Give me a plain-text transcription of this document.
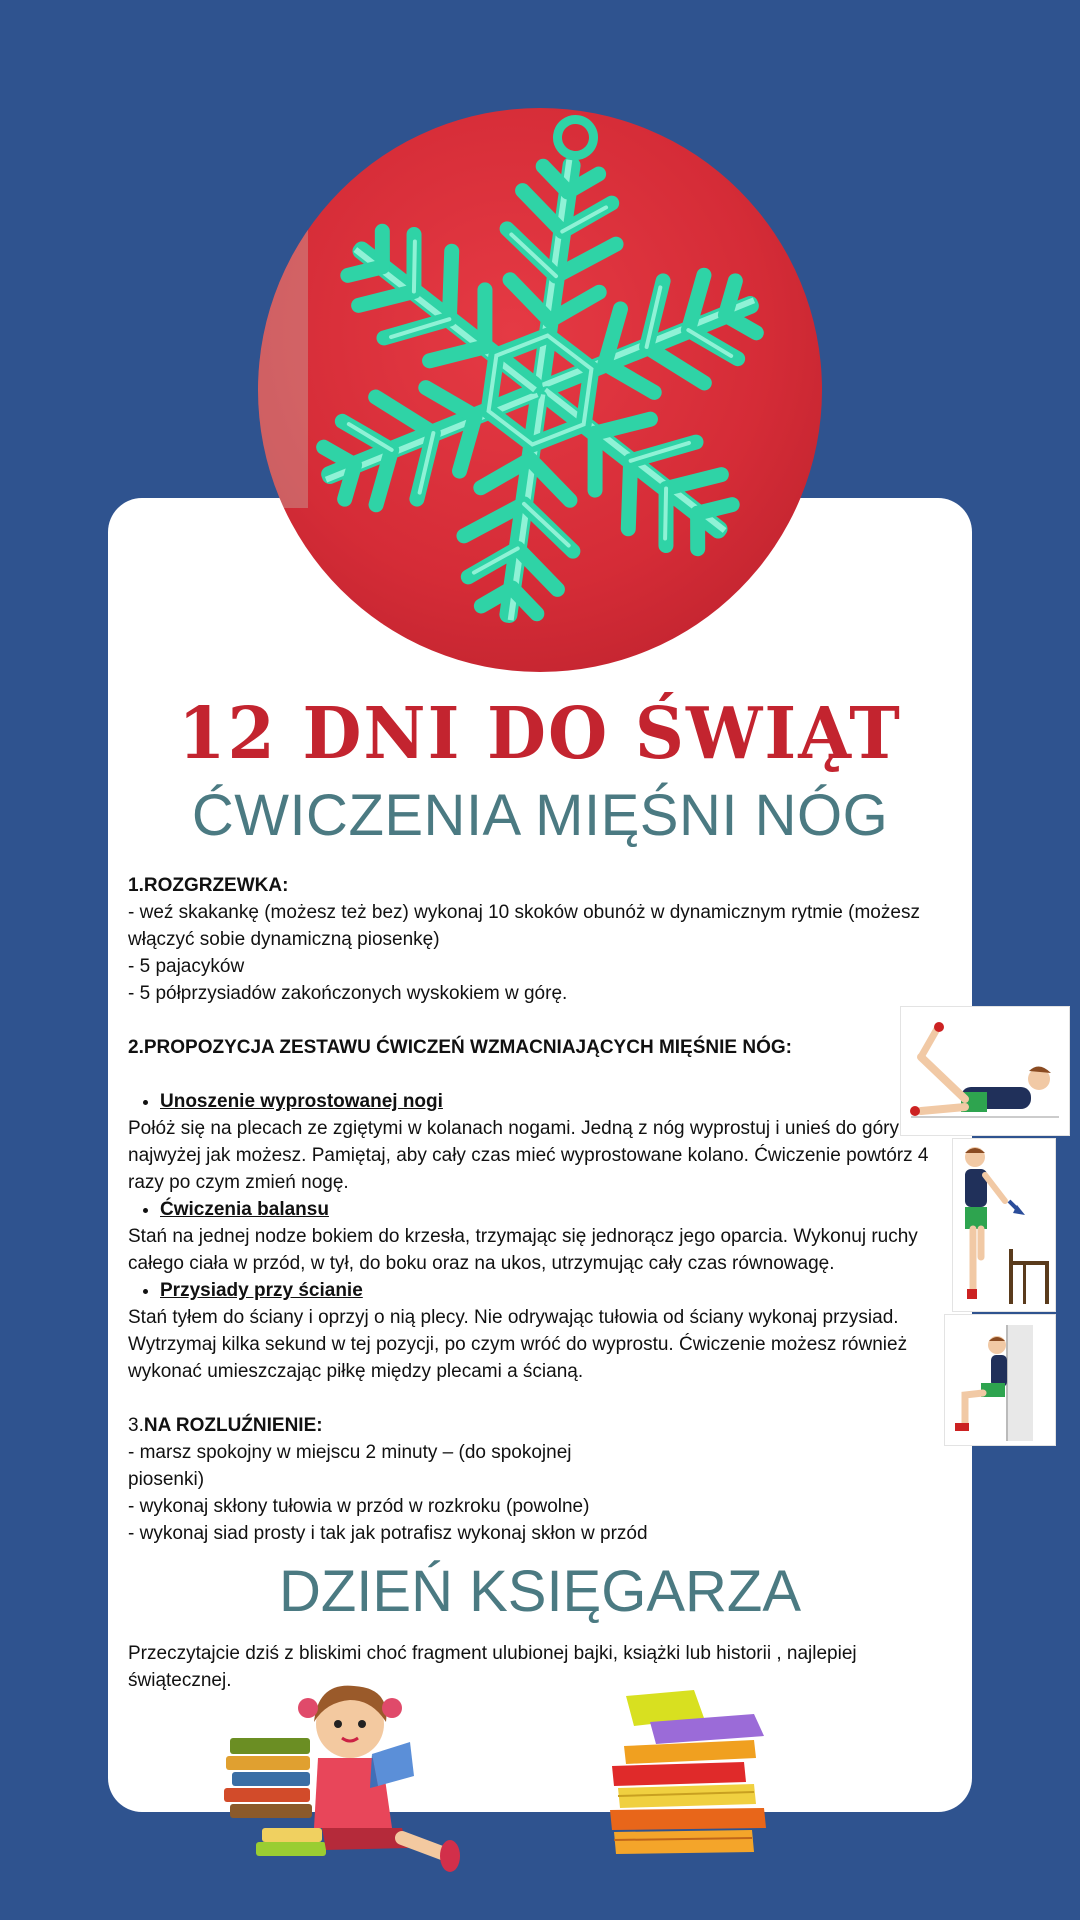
12 DNI DO ŚWIĄT
ĆWICZENIA MIĘŚNI NÓG

1.ROZGRZEWKA:

- weź skakankę (możesz też bez) wykonaj 10 skoków obunóż w dynamicznym rytmie (możesz włączyć sobie dynamiczną piosenkę)

- 5 pajacyków

- 5 półprzysiadów zakończonych wyskokiem w górę.

2.PROPOZYCJA ZESTAWU ĆWICZEŃ WZMACNIAJĄCYCH MIĘŚNIE NÓG:

• Unoszenie wyprostowanej nogi

Połóż się na plecach ze zgiętymi w kolanach nogami. Jedną z nóg wyprostuj i unieś do góry najwyżej jak możesz. Pamiętaj, aby cały czas mieć wyprostowane kolano. Ćwiczenie powtórz 4 razy po czym zmień nogę.

• Ćwiczenia balansu

Stań na jednej nodze bokiem do krzesła, trzymając się jednorącz jego oparcia. Wykonuj ruchy całego ciała w przód, w tył, do boku oraz na ukos, utrzymując cały czas równowagę.

• Przysiady przy ścianie

Stań tyłem do ściany i oprzyj o nią plecy. Nie odrywając tułowia od ściany wykonaj przysiad. Wytrzymaj kilka sekund w tej pozycji, po czym wróć do wyprostu. Ćwiczenie możesz również wykonać umieszczając piłkę między plecami a ścianą.

3.NA ROZLUŹNIENIE:

- marsz spokojny w miejscu 2 minuty – (do spokojnej

piosenki)

- wykonaj skłony tułowia w przód w rozkroku (powolne)

- wykonaj siad prosty i tak jak potrafisz wykonaj skłon w przód

DZIEŃ KSIĘGARZA
Przeczytajcie dziś z bliskimi choć fragment ulubionej bajki, książki lub historii , najlepiej świątecznej.
